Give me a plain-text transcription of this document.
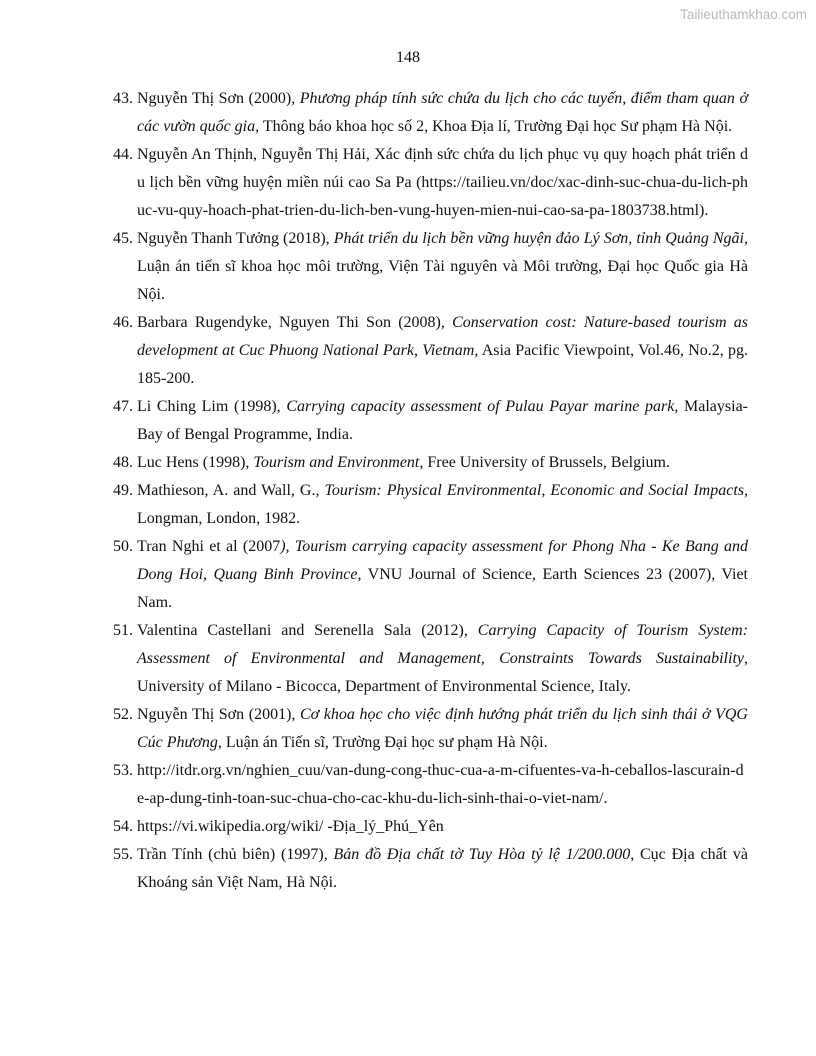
Tailieuthamkhao.com
148
43. Nguyễn Thị Sơn (2000), Phương pháp tính sức chứa du lịch cho các tuyến, điểm tham quan ở các vườn quốc gia, Thông báo khoa học số 2, Khoa Địa lí, Trường Đại học Sư phạm Hà Nội.
44. Nguyễn An Thịnh, Nguyễn Thị Hải, Xác định sức chứa du lịch phục vụ quy hoạch phát triển du lịch bền vững huyện miền núi cao Sa Pa (https://tailieu.vn/doc/xac-dinh-suc-chua-du-lich-phuc-vu-quy-hoach-phat-trien-du-lich-ben-vung-huyen-mien-nui-cao-sa-pa-1803738.html).
45. Nguyễn Thanh Tưởng (2018), Phát triển du lịch bền vững huyện đảo Lý Sơn, tỉnh Quảng Ngãi, Luận án tiến sĩ khoa học môi trường, Viện Tài nguyên và Môi trường, Đại học Quốc gia Hà Nội.
46. Barbara Rugendyke, Nguyen Thi Son (2008), Conservation cost: Nature-based tourism as development at Cuc Phuong National Park, Vietnam, Asia Pacific Viewpoint, Vol.46, No.2, pg. 185-200.
47. Li Ching Lim (1998), Carrying capacity assessment of Pulau Payar marine park, Malaysia- Bay of Bengal Programme, India.
48. Luc Hens (1998), Tourism and Environment, Free University of Brussels, Belgium.
49. Mathieson, A. and Wall, G., Tourism: Physical Environmental, Economic and Social Impacts, Longman, London, 1982.
50. Tran Nghi et al (2007), Tourism carrying capacity assessment for Phong Nha - Ke Bang and Dong Hoi, Quang Binh Province, VNU Journal of Science, Earth Sciences 23 (2007), Viet Nam.
51. Valentina Castellani and Serenella Sala (2012), Carrying Capacity of Tourism System: Assessment of Environmental and Management, Constraints Towards Sustainability, University of Milano - Bicocca, Department of Environmental Science, Italy.
52. Nguyễn Thị Sơn (2001), Cơ khoa học cho việc định hướng phát triển du lịch sinh thái ở VQG Cúc Phương, Luận án Tiến sĩ, Trường Đại học sư phạm Hà Nội.
53. http://itdr.org.vn/nghien_cuu/van-dung-cong-thuc-cua-a-m-cifuentes-va-h-ceballos-lascurain-de-ap-dung-tinh-toan-suc-chua-cho-cac-khu-du-lich-sinh-thai-o-viet-nam/.
54. https://vi.wikipedia.org/wiki/ -Địa_lý_Phú_Yên
55. Trần Tính (chủ biên) (1997), Bản đồ Địa chất tờ Tuy Hòa tỷ lệ 1/200.000, Cục Địa chất và Khoáng sản Việt Nam, Hà Nội.
